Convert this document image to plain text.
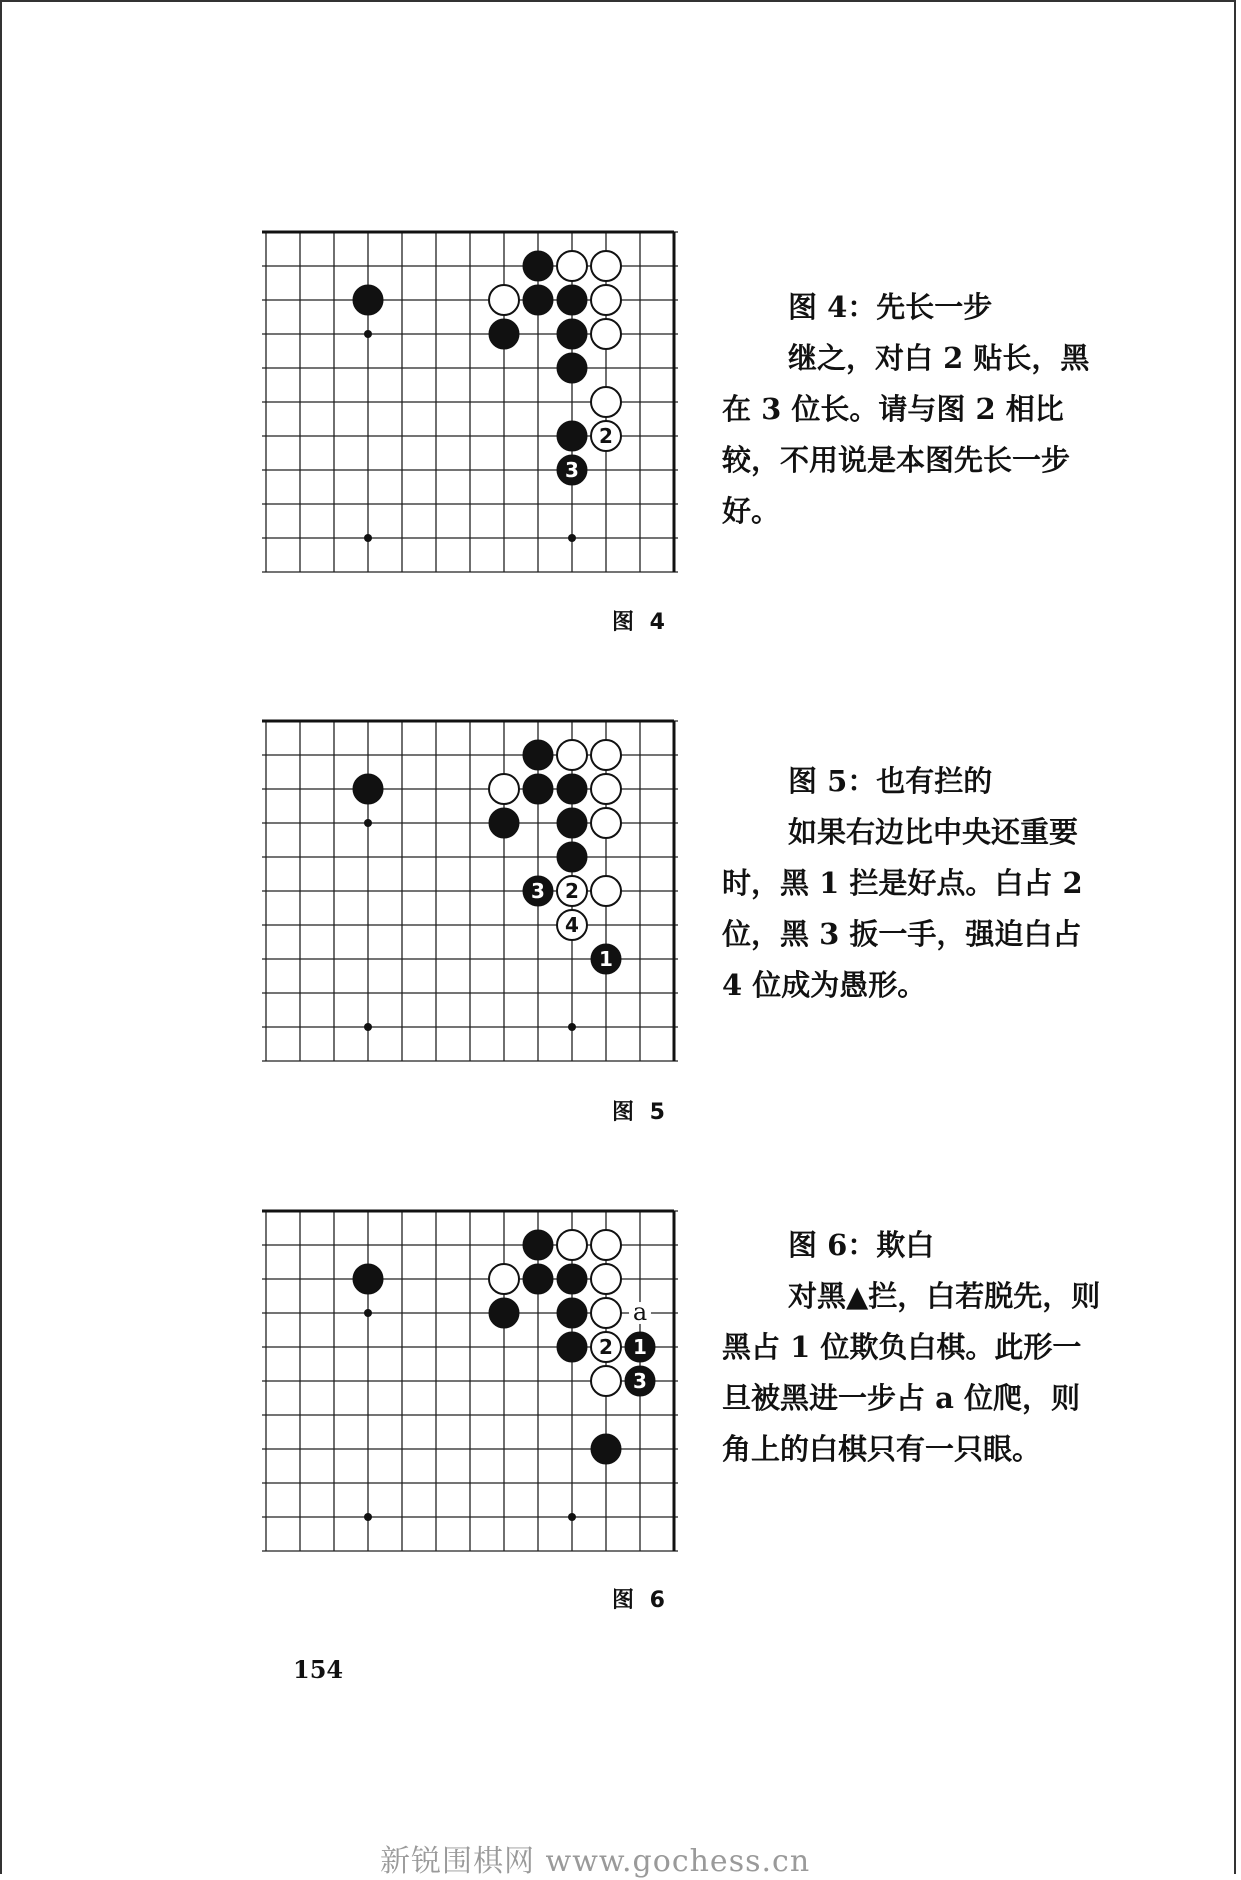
2
3
图 4
图 4：先长一步
继之，对白 2 贴长，黑在 3 位长。请与图 2 相比较，不用说是本图先长一步好。
3 2
4
1
图 5
图 5：也有拦的
如果右边比中央还重要时，黑 1 拦是好点。白占 2 位，黑 3 扳一手，强迫白占 4 位成为愚形。
2 1
3
a
图 6
图 6：欺白
对黑▲拦，白若脱先，则黑占 1 位欺负白棋。此形一旦被黑进一步占 a 位爬，则角上的白棋只有一只眼。
154
新锐围棋网 www.gochess.cn
